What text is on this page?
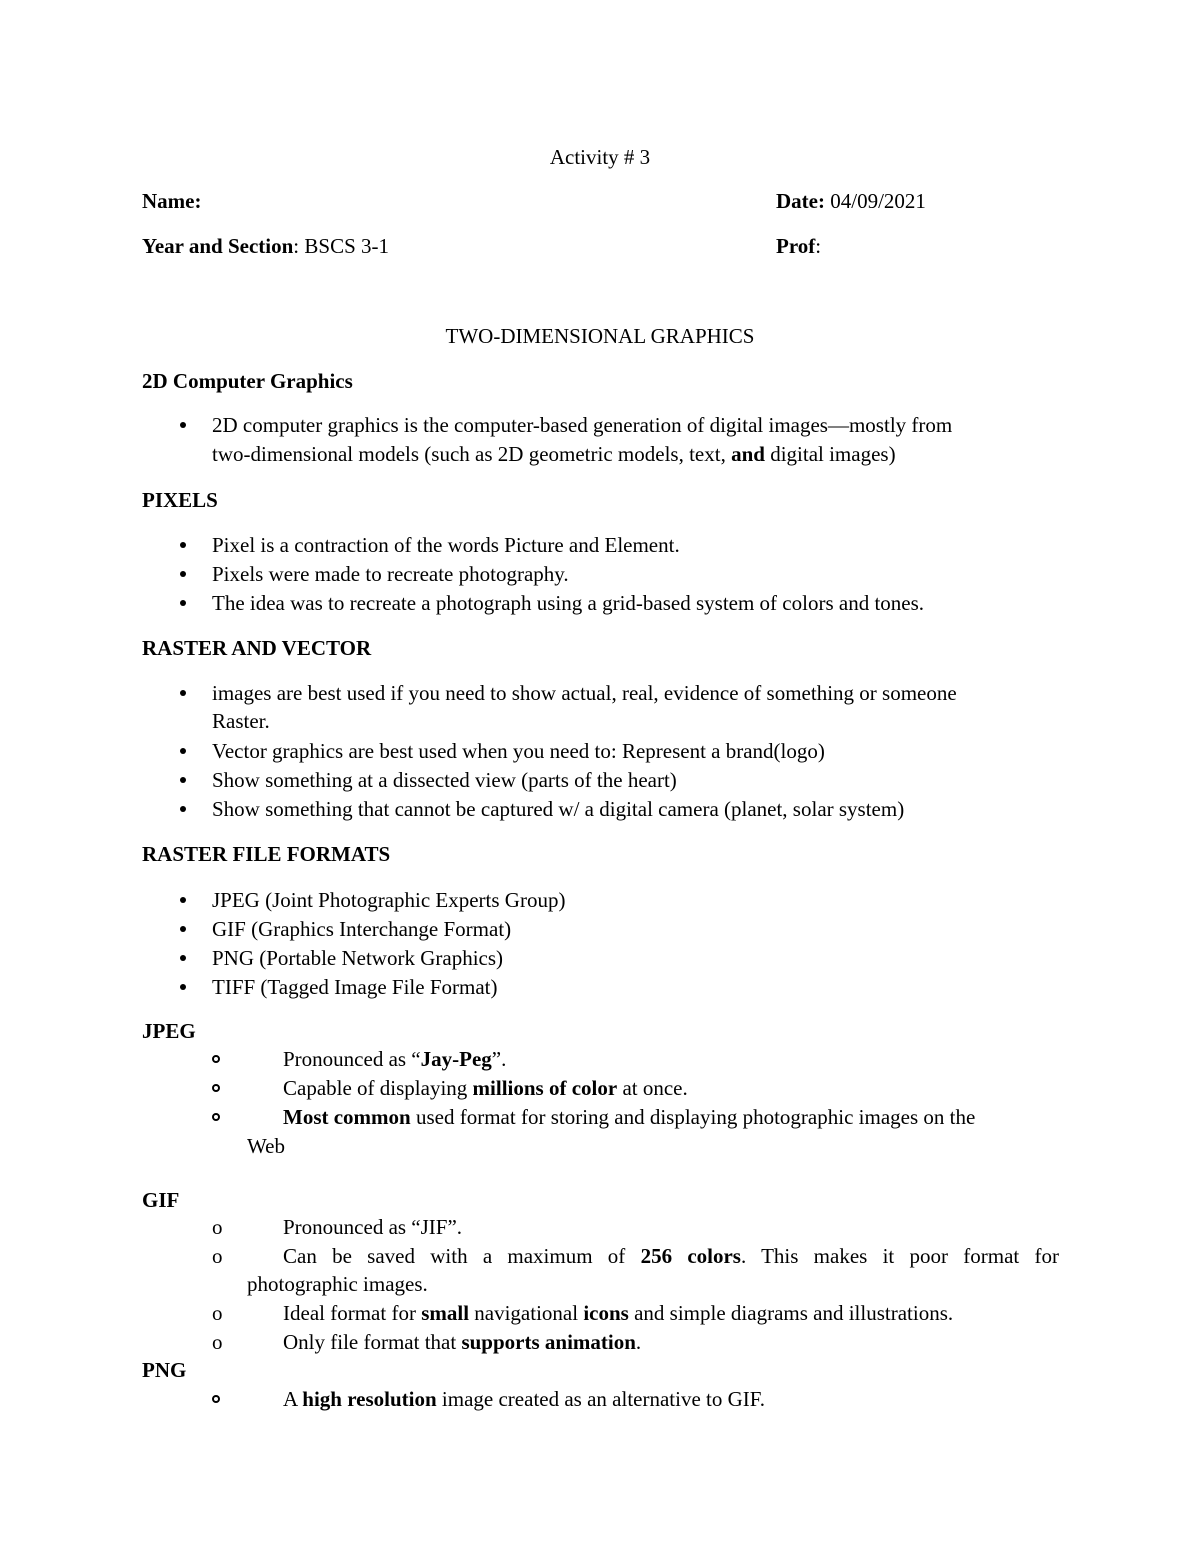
Activity # 3
Name:	Date: 04/09/2021
Year and Section: BSCS 3-1	Prof:
TWO-DIMENSIONAL GRAPHICS
2D Computer Graphics
2D computer graphics is the computer-based generation of digital images—mostly from
two-dimensional models (such as 2D geometric models, text, and digital images)
PIXELS
Pixel is a contraction of the words Picture and Element.
Pixels were made to recreate photography.
The idea was to recreate a photograph using a grid-based system of colors and tones.
RASTER AND VECTOR
images are best used if you need to show actual, real, evidence of something or someone
Raster.
Vector graphics are best used when you need to: Represent a brand(logo)
Show something at a dissected view (parts of the heart)
Show something that cannot be captured w/ a digital camera (planet, solar system)
RASTER FILE FORMATS
JPEG (Joint Photographic Experts Group)
GIF (Graphics Interchange Format)
PNG (Portable Network Graphics)
TIFF (Tagged Image File Format)
JPEG
Pronounced as “Jay-Peg”.
Capable of displaying millions of color at once.
Most common used format for storing and displaying photographic images on the
Web
GIF
o	Pronounced as “JIF”.
o	Can be saved with a maximum of 256 colors. This makes it poor format for
photographic images.
o	Ideal format for small navigational icons and simple diagrams and illustrations.
o	Only file format that supports animation.
PNG
A high resolution image created as an alternative to GIF.
